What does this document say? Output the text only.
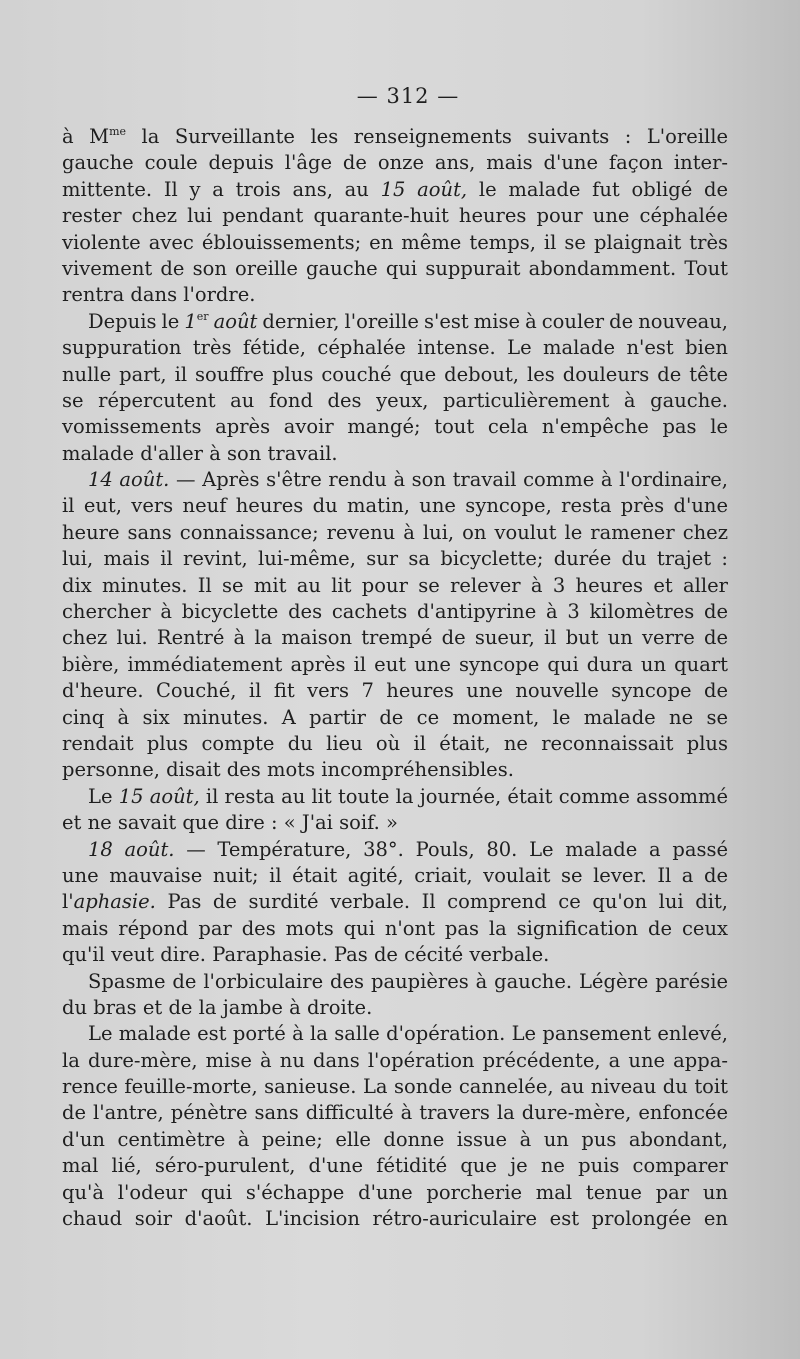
— 312 —
à $M^{me}$ la Surveillante les renseignements suivants : L'oreille
gauche coule depuis l'âge de onze ans, mais d'une façon inter-
mittente. Il y a trois ans, au 15 août, le malade fut obligé de
rester chez lui pendant quarante-huit heures pour une céphalée
violente avec éblouissements; en même temps, il se plaignait très
vivement de son oreille gauche qui suppurait abondamment. Tout
rentra dans l'ordre.
Depuis le 1er août dernier, l'oreille s'est mise à couler de nouveau,
suppuration très fétide, céphalée intense. Le malade n'est bien
nulle part, il souffre plus couché que debout, les douleurs de tête
se répercutent au fond des yeux, particulièrement à gauche.
vomissements après avoir mangé; tout cela n'empêche pas le
malade d'aller à son travail.
14 août. — Après s'être rendu à son travail comme à l'ordinaire,
il eut, vers neuf heures du matin, une syncope, resta près d'une
heure sans connaissance; revenu à lui, on voulut le ramener chez
lui, mais il revint, lui-même, sur sa bicyclette; durée du trajet :
dix minutes. Il se mit au lit pour se relever à 3 heures et aller
chercher à bicyclette des cachets d'antipyrine à 3 kilomètres de
chez lui. Rentré à la maison trempé de sueur, il but un verre de
bière, immédiatement après il eut une syncope qui dura un quart
d'heure. Couché, il fit vers 7 heures une nouvelle syncope de
cinq à six minutes. A partir de ce moment, le malade ne se
rendait plus compte du lieu où il était, ne reconnaissait plus
personne, disait des mots incompréhensibles.
Le 15 août, il resta au lit toute la journée, était comme assommé
et ne savait que dire : « J'ai soif. »
18 août. — Température, 38°. Pouls, 80. Le malade a passé
une mauvaise nuit; il était agité, criait, voulait se lever. Il a de
l'aphasie. Pas de surdité verbale. Il comprend ce qu'on lui dit,
mais répond par des mots qui n'ont pas la signification de ceux
qu'il veut dire. Paraphasie. Pas de cécité verbale.
Spasme de l'orbiculaire des paupières à gauche. Légère parésie
du bras et de la jambe à droite.
Le malade est porté à la salle d'opération. Le pansement enlevé,
la dure-mère, mise à nu dans l'opération précédente, a une appa-
rence feuille-morte, sanieuse. La sonde cannelée, au niveau du toit
de l'antre, pénètre sans difficulté à travers la dure-mère, enfoncée
d'un centimètre à peine; elle donne issue à un pus abondant,
mal lié, séro-purulent, d'une fétidité que je ne puis comparer
qu'à l'odeur qui s'échappe d'une porcherie mal tenue par un
chaud soir d'août. L'incision rétro-auriculaire est prolongée en
